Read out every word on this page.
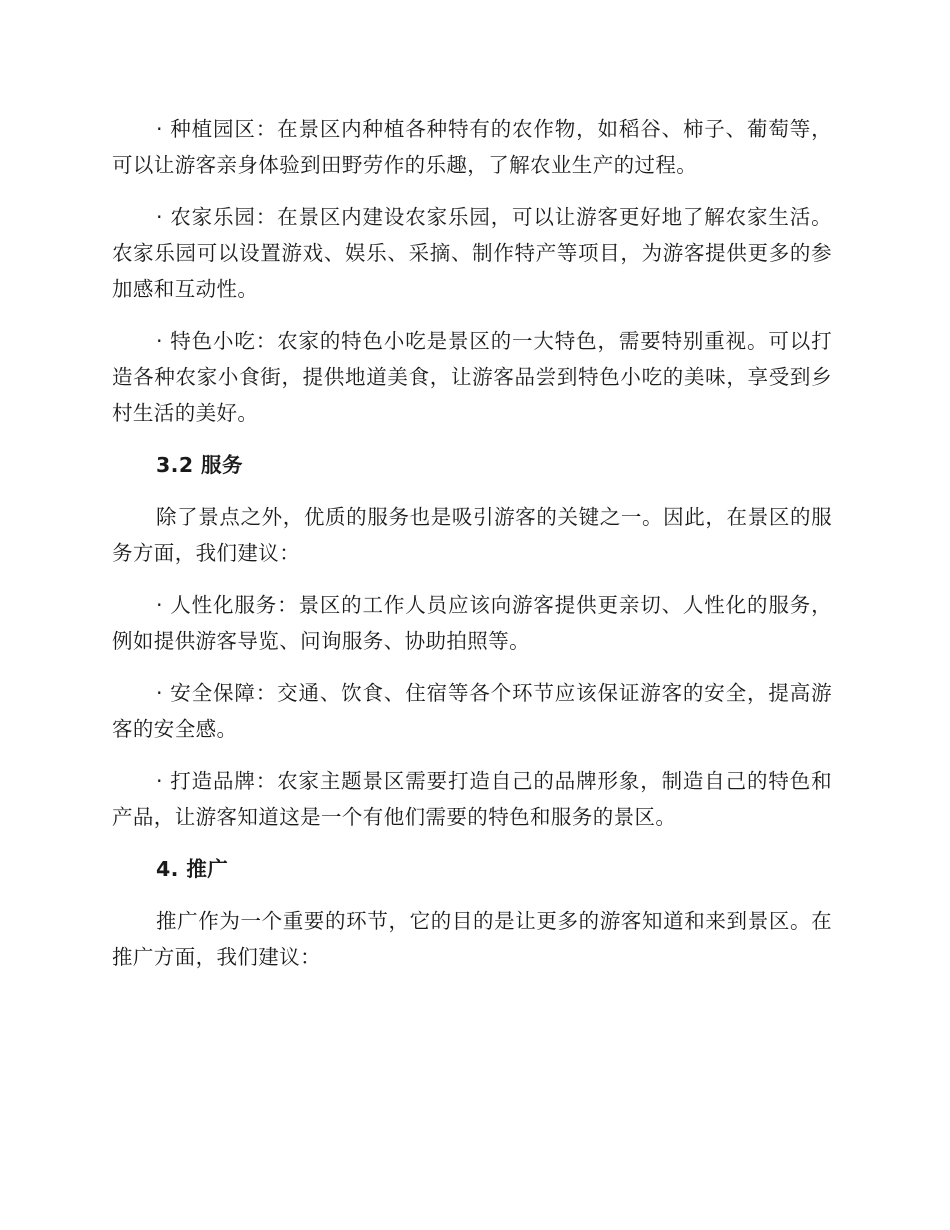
· 种植园区：在景区内种植各种特有的农作物，如稻谷、柿子、葡萄等，可以让游客亲身体验到田野劳作的乐趣，了解农业生产的过程。

· 农家乐园：在景区内建设农家乐园，可以让游客更好地了解农家生活。农家乐园可以设置游戏、娱乐、采摘、制作特产等项目，为游客提供更多的参加感和互动性。

· 特色小吃：农家的特色小吃是景区的一大特色，需要特别重视。可以打造各种农家小食街，提供地道美食，让游客品尝到特色小吃的美味，享受到乡村生活的美好。

3.2 服务

除了景点之外，优质的服务也是吸引游客的关键之一。因此，在景区的服务方面，我们建议：

· 人性化服务：景区的工作人员应该向游客提供更亲切、人性化的服务，例如提供游客导览、问询服务、协助拍照等。

· 安全保障：交通、饮食、住宿等各个环节应该保证游客的安全，提高游客的安全感。

· 打造品牌：农家主题景区需要打造自己的品牌形象，制造自己的特色和产品，让游客知道这是一个有他们需要的特色和服务的景区。

4. 推广

推广作为一个重要的环节，它的目的是让更多的游客知道和来到景区。在推广方面，我们建议：
